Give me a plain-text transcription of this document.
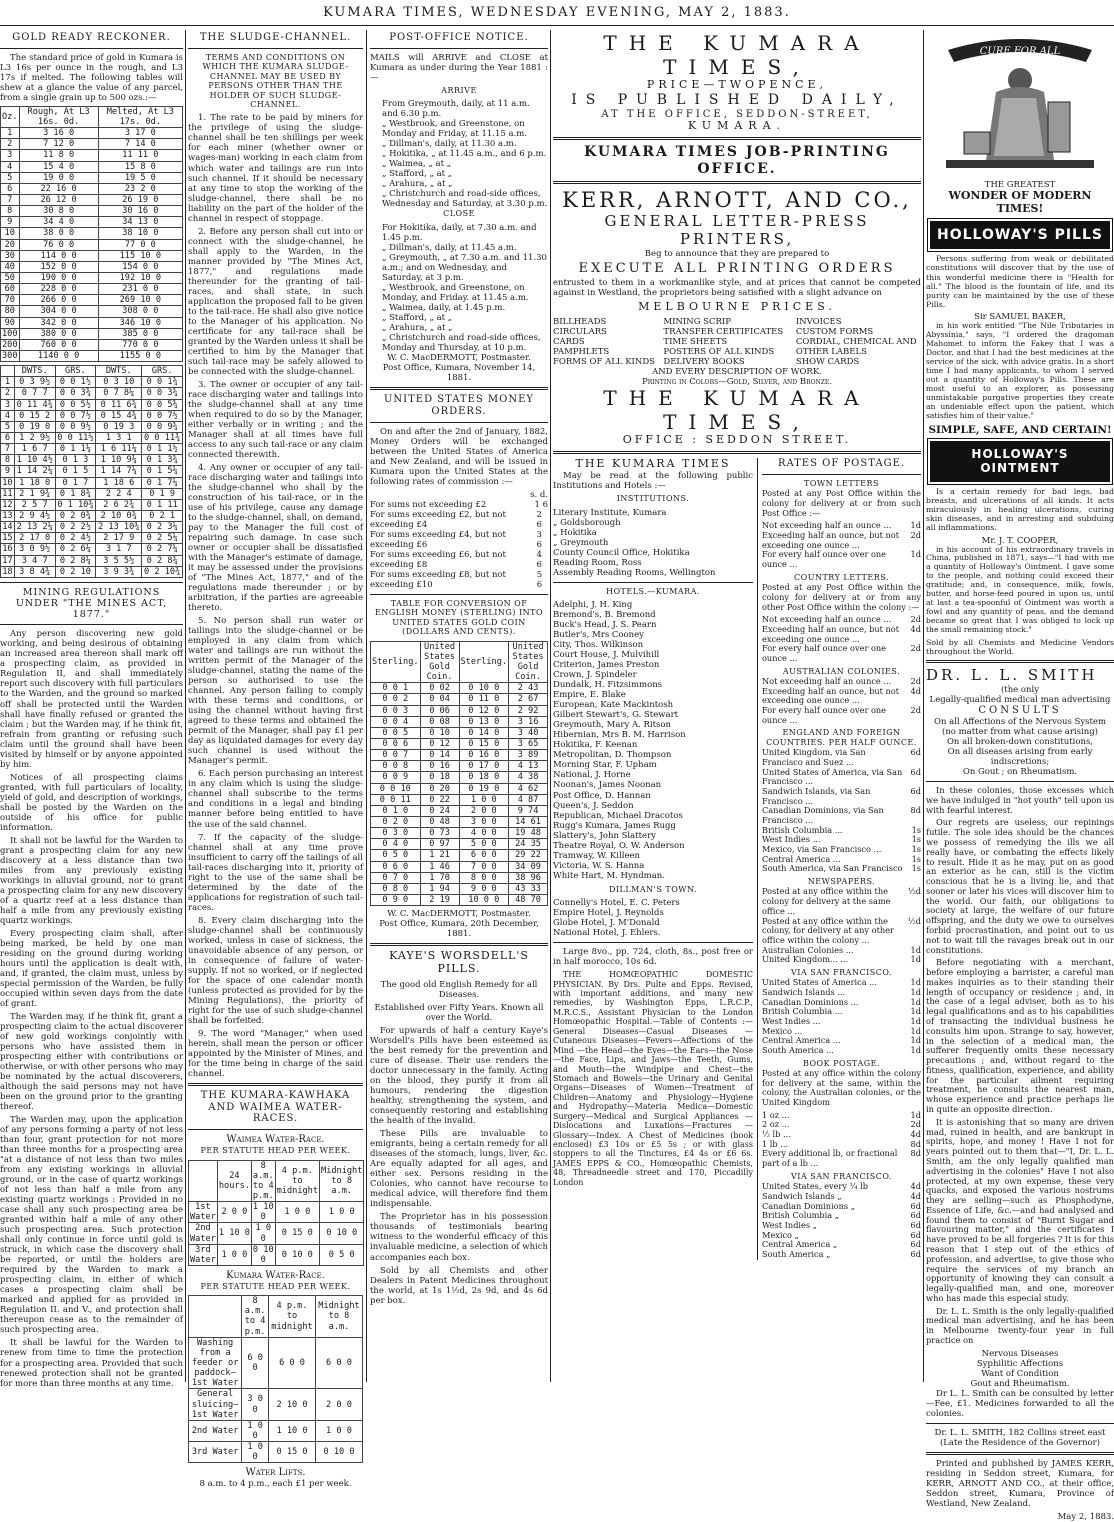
KUMARA TIMES, WEDNESDAY EVENING, MAY 2, 1883.
GOLD READY RECKONER.

The standard price of gold in Kumara is L3 16s per ounce in the rough, and L3 17s if melted. The following tables will shew at a glance the value of any parcel, from a single grain up to 500 ozs.:—

Oz.	Rough, At L3 16s. 0d.	Melted, At L3 17s. 0d.
1	3 16 0	3 17 0
2	7 12 0	7 14 0
3	11 8 0	11 11 0
4	15 4 0	15 8 0
5	19 0 0	19 5 0
6	22 16 0	23 2 0
7	26 12 0	26 19 0
8	30 8 0	30 16 0
9	34 4 0	34 13 0
10	38 0 0	38 10 0
20	76 0 0	77 0 0
30	114 0 0	115 10 0
40	152 0 0	154 0 0
50	190 0 0	192 10 0
60	228 0 0	231 0 0
70	266 0 0	269 10 0
80	304 0 0	308 0 0
90	342 0 0	346 10 0
100	380 0 0	385 0 0
200	760 0 0	770 0 0
300	1140 0 0	1155 0 0
	DWTS.	GRS.	DWTS.	GRS.
1	0 3 9½	0 0 1½	0 3 10	0 0 1¾
2	0 7 7	0 0 3¾	0 7 8¼	0 0 3¾
3	0 11 4¾	0 0 5½	0 11 6¾	0 0 5¾
4	0 15 2	0 0 7½	0 15 4¾	0 0 7½
5	0 19 0	0 0 9½	0 19 3	0 0 9¾
6	1 2 9½	0 0 11½	1 3 1	0 0 11¾
7	1 6 7	0 1 1¼	1 6 11¼	0 1 1½
8	1 10 4½	0 1 3	1 10 9¼	0 1 3¾
9	1 14 2¼	0 1 5	1 14 7¼	0 1 5¼
10	1 18 0	0 1 7	1 18 6	0 1 7¼
11	2 1 9¾	0 1 8¾	2 2 4	0 1 9
12	2 5 7	0 1 10¾	2 6 2¾	0 1 11
13	2 9 4½	0 2 0¾	2 10 0¾	0 2 1
14	2 13 2¼	0 2 2½	2 13 10¾	0 2 3¼
15	2 17 0	0 2 4½	2 17 9	0 2 5¼
16	3 0 9½	0 2 6¼	3 1 7	0 2 7¼
17	3 4 7	0 2 8¼	3 5 5½	0 2 8¾
18	3 8 4¾	0 2 10	3 9 3¾	0 2 10¾
MINING REGULATIONS UNDER "THE MINES ACT, 1877."

Any person discovering new gold working, and being desirous of obtaining an increased area thereon shall mark off a prospecting claim, as provided in Regulation II, and shall immediately report such discovery with full particulars to the Warden, and the ground so marked off shall be protected until the Warden shall have finally refused or granted the claim ; but the Warden may, if he think fit, refrain from granting or refusing such claim until the ground shall have been visited by himself or by anyone appointed by him.

Notices of all prospecting claims granted, with full particulars of locality, yield of gold, and description of workings, shall be posted by the Warden on the outside of his office for public information.

It shall not be lawful for the Warden to grant a prospecting claim for any new discovery at a less distance than two miles from any previously existing workings in alluvial ground, nor to grant a prospecting claim for any new discovery of a quartz reef at a less distance than half a mile from any previously existing quartz workings.

Every prospecting claim shall, after being marked, be held by one man residing on the ground during working hours until the application is dealt with, and, if granted, the claim must, unless by special permission of the Warden, be fully occupied within seven days from the date of grant.

The Warden may, if he think fit, grant a prospecting claim to the actual discoverer of new gold workings conjointly with persons who have assisted them in prospecting either with contributions or otherwise, or with other persons who may be nominated by the actual discoverers, although the said persons may not have been on the ground prior to the granting thereof.

The Warden may, upon the application of any persons forming a party of not less than four, grant protection for not more than three months for a prospecting area "at a distance of not less than two miles from any existing workings in alluvial ground, or in the case of quartz workings of not less than half a mile from any existing quartz workings : Provided in no case shall any such prospecting area be granted within half a mile of any other such prospecting area. Such protection shall only continue in force until gold is struck, in which case the discovery shall be reported, or until the holders are required by the Warden to mark a prospecting claim, in either of which cases a prospecting claim shall be marked and applied for as provided in Regulation II. and V., and protection shall thereupon cease as to the remainder of such prospecting area.

It shall be lawful for the Warden to renew from time to time the protection for a prospecting area. Provided that such renewed protection shall not be granted for more than three months at any time.

THE SLUDGE-CHANNEL.
TERMS AND CONDITIONS ON WHICH THE KUMARA SLUDGE-CHANNEL MAY BE USED BY PERSONS OTHER THAN THE HOLDER OF SUCH SLUDGE-CHANNEL.

1. The rate to be paid by miners for the privilege of using the sludge-channel shall be ten shillings per week for each miner (whether owner or wages-man) working in each claim from which water and tailings are run into such channel. If it should be necessary at any time to stop the working of the sludge-channel, there shall be no liability on the part of the holder of the channel in respect of stoppage.

2. Before any person shall cut into or connect with the sludge-channel, he shall apply to the Warden, in the manner provided by "The Mines Act, 1877," and regulations made thereunder for the granting of tail-races, and shall state, in such application the proposed fall to be given to the tail-race. He shall also give notice to the Manager of his application. No certificate for any tail-race shall be granted by the Warden unless it shall be certified to him by the Manager that such tail-race may be safely allowed to be connected with the sludge-channel.

3. The owner or occupier of any tail-race discharging water and tailings into the sludge-channel shall at any time when required to do so by the Manager, either verbally or in writing ; and the Manager shall at all times have full access to any such tail-race or any claim connected therewith.

4. Any owner or occupier of any tail-race discharging water and tailings into the sludge-channel who shall by the construction of his tail-race, or in the use of his privilege, cause any damage to the sludge-channel, shall, on demand, pay to the Manager the full cost of repairing such damage. In case such owner or occupier shall be dissatisfied with the Manager's estimate of damage, it may be assessed under the provisions of "The Mines Act, 1877," and of the regulations made thereunder ; or by arbitration, if the parties are agreeable thereto.

5. No person shall run water or tailings into the sludge-channel or be employed in any claim from which water and tailings are run without the written permit of the Manager of the sludge-channel, stating the name of the person so authorised to use the channel. Any person failing to comply with these terms and conditions, or using the channel without having first agreed to these terms and obtained the permit of the Manager, shall pay £1 per day as liquidated damages for every day such channel is used without the Manager's permit.

6. Each person purchasing an interest in any claim which is using the sludge-channel shall subscribe to the terms and conditions in a legal and binding manner before being entitled to have the use of the said channel.

7. If the capacity of the sludge-channel shall at any time prove insufficient to carry off the tailings of all tail-races discharging into it, priority of right to the use of the same shall be determined by the date of the applications for registration of such tail-races.

8. Every claim discharging into the sludge-channel shall be continuously worked, unless in case of sickness, the unavoidable absence of any person, or in consequence of failure of water-supply. If not so worked, or if neglected for the space of one calendar month (unless protected as provided for by the Mining Regulations), the priority of right for the use of such sludge-channel shall be forfeited.

9. The word "Manager," when used herein, shall mean the person or officer appointed by the Minister of Mines, and for the time being in charge of the said channel.

THE KUMARA-KAWHAKA AND WAIMEA WATER-RACES.
Waimea Water-Race.
PER STATUTE HEAD PER WEEK.
	24 hours.	8 a.m. to 4 p.m.	4 p.m. to midnight	Midnight to 8 a.m.
1st Water	2 0 0	1 10 0	1 0 0	1 0 0
2nd Water	1 10 0	1 0 0	0 15 0	0 10 0
3rd Water	1 0 0	0 10 0	0 10 0	0 5 0
Kumara Water-Race.
PER STATUTE HEAD PER WEEK.
	8 a.m. to 4 p.m.	4 p.m. to midnight	Midnight to 8 a.m.
Washing from a feeder or paddock—1st Water	6 0 0	6 0 0	6 0 0
General sluicing—1st Water	3 0 0	2 10 0	2 0 0
2nd Water	1 0 0	1 10 0	1 0 0
3rd Water	1 0 0	0 15 0	0 10 0
Water Lifts.
8 a.m. to 4 p.m., each £1 per week.
POST-OFFICE NOTICE.

MAILS will ARRIVE and CLOSE at Kumara as under during the Year 1881 :—

ARRIVE
From Greymouth, daily, at 11 a.m. and 6.30 p.m.
„ Westbrook, and Greenstone, on Monday and Friday, at 11.15 a.m.
„ Dillman's, daily, at 11.30 a.m.
„ Hokitika, „ at 11.45 a.m., and 6 p.m.
„ Waimea, „ at „
„ Stafford, „ at „
„ Arahura, „ at „
„ Christchurch and road-side offices, Wednesday and Saturday, at 3.30 p.m.
CLOSE
For Hokitika, daily, at 7.30 a.m. and 1.45 p.m.
„ Dillman's, daily, at 11.45 a.m.
„ Greymouth, „ at 7.30 a.m. and 11.30 a.m.; and on Wednesday, and Saturday, at 3 p.m.
„ Westbrook, and Greenstone, on Monday, and Friday. at 11.45 a.m.
„ Waimea, daily, at 1.45 p.m.
„ Stafford, „ at „
„ Arahura, „ at „
„ Christchurch and road-side offices, Monday and Thursday, at 10 p.m.
W. C. MacDERMOTT, Postmaster.
Post Office, Kumara, November 14, 1881.
UNITED STATES MONEY ORDERS.

On and after the 2nd of January, 1882, Money Orders will be exchanged between the United States of America and New Zealand, and will be issued in Kumara upon the United States at the following rates of commission :—

s. d.
For sums not exceeding £2	1 6
For sums exceeding £2, but not exceeding £4
2 6
For sums exceeding £4, but not exceeding £6
3 6
For sums exceeding £6, but not exceeding £8
4 6
For sums exceeding £8, but not exceeding £10
5 6
TABLE FOR CONVERSION OF ENGLISH MONEY (STERLING) INTO UNITED STATES GOLD COIN (DOLLARS AND CENTS).
Sterling.	United States Gold Coin.	Sterling.	United States Gold Coin.
0 0 1	0 02	0 10 0	2 43
0 0 2	0 04	0 11 0	2 67
0 0 3	0 06	0 12 0	2 92
0 0 4	0 08	0 13 0	3 16
0 0 5	0 10	0 14 0	3 40
0 0 6	0 12	0 15 0	3 65
0 0 7	0 14	0 16 0	3 89
0 0 8	0 16	0 17 0	4 13
0 0 9	0 18	0 18 0	4 38
0 0 10	0 20	0 19 0	4 62
0 0 11	0 22	1 0 0	4 87
0 1 0	0 24	2 0 0	9 74
0 2 0	0 48	3 0 0	14 61
0 3 0	0 73	4 0 0	19 48
0 4 0	0 97	5 0 0	24 35
0 5 0	1 21	6 0 0	29 22
0 6 0	1 46	7 0 0	34 09
0 7 0	1 70	8 0 0	38 96
0 8 0	1 94	9 0 0	43 33
0 9 0	2 19	10 0 0	48 70
W. C. MacDERMOTT, Postmaster.
Post Office, Kumara, 20th December, 1881.
KAYE'S WORSDELL'S PILLS.
The good old English Remedy for all Diseases.
Established over Fifty Years. Known all over the World.

For upwards of half a century Kaye's Worsdell's Pills have been esteemed as the best remedy for the prevention and cure of disease. Their use renders the doctor unnecessary in the family. Acting on the blood, they purify it from all humours, rendering the digestion healthy, strengthening the system, and consequently restoring and establishing the health of the invalid.

These Pills are invaluable to emigrants, being a certain remedy for all diseases of the stomach, lungs, liver, &c. Are equally adapted for all ages, and either sex. Persons residing in the Colonies, who cannot have recourse to medical advice, will therefore find them indispensable.

The Proprietor has in his possession thousands of testimonials bearing witness to the wonderful efficacy of this invaluable medicine, a selection of which accompanies each box.

Sold by all Chemists and other Dealers in Patent Medicines throughout the world, at 1s 1½d, 2s 9d, and 4s 6d per box.

THE KUMARA TIMES,
PRICE—TWOPENCE,
IS PUBLISHED DAILY,
AT THE OFFICE, SEDDON-STREET,
KUMARA.
KUMARA TIMES JOB-PRINTING OFFICE.
KERR, ARNOTT, AND CO.,
GENERAL LETTER-PRESS PRINTERS,
Beg to announce that they are prepared to
EXECUTE ALL PRINTING ORDERS

entrusted to them in a workmanlike style, and at prices that cannot be competed against in Westland, the proprietors being satisfied with a slight advance on

MELBOURNE PRICES.
BILLHEADS
CIRCULARS
CARDS
PAMPHLETS
FORMS OF ALL KINDS
MINING SCRIP
TRANSFER CERTIFICATES
TIME SHEETS
POSTERS OF ALL KINDS
DELIVERY BOOKS
INVOICES
CUSTOM FORMS
CORDIAL, CHEMICAL AND OTHER LABELS
SHOW CARDS
AND EVERY DESCRIPTION OF WORK.
Printing in Colors—Gold, Silver, and Bronze.
THE KUMARA TIMES,
OFFICE : SEDDON STREET.
THE KUMARA TIMES

May be read at the following public Institutions and Hotels :—

INSTITUTIONS.
Literary Institute, Kumara
„ Goldsborough
„ Hokitika
„ Greymouth
County Council Office, Hokitika
Reading Room, Ross
Assembly Reading Rooms, Wellington
HOTELS.—KUMARA.
Adelphi, J. H. King
Bremond's, B. Bremond
Buck's Head, J. S. Pearn
Butler's, Mrs Cooney
City, Thos. Wilkinson
Court House, J. Mulvihill
Criterion, James Preston
Crown, J. Spindeler
Dundalk, H. Fitzsimmons
Empire, E. Blake
European, Kate Mackintosh
Gilbert Stewart's, G. Stewart
Greymouth, Mary A. Ritson
Hibernian, Mrs B. M. Harrison
Hokitika, F. Keenan
Metropolitan, D. Thompson
Morning Star, F. Upham
National, J. Horne
Noonan's, James Noonan
Post Office, D. Hannan
Queen's, J. Seddon
Republican, Michael Dracotos
Rugg's Kumara, James Rugg
Slattery's, John Slattery
Theatre Royal, O. W. Anderson
Tramway, W. Killeen
Victoria, W. S. Hanna
White Hart, M. Hyndman.
DILLMAN'S TOWN.
Connelly's Hotel, E. C. Peters
Empire Hotel, J. Reynolds
Globe Hotel, J. M'Donald
National Hotel, J. Ehlers.

Large 8vo., pp. 724, cloth, 8s., post free or in half morocco, 10s 6d.

THE HOMŒOPATHIC DOMESTIC PHYSICIAN. By Drs. Pulte and Epps. Revised, with important additions, and many new remedies, by Washington Epps, L.R.C.P., M.R.C.S., Assistant Physician to the London Homœopathic Hospital.—Table of Contents :—General Diseases—Casual Diseases — Cutaneous Diseases—Fevers—Affections of the Mind —the Head—the Eyes—the Ears—the Nose—the Face, Lips, and Jaws—the Teeth, Gums, and Mouth—the Windpipe and Chest—the Stomach and Bowels—the Urinary and Genital Organs—Diseases of Women—Treatment of Children—Anatomy and Physiology—Hygiene and Hydropathy—Materia Medica—Domestic Surgery—Medical and Surgical Appliances —Dislocations and Luxations—Fractures —Glossary—Index. A Chest of Medicines (book enclosed) £3 10s or £5 5s ; or with glass stoppers to all the Tinctures, £4 4s or £6 6s. JAMES EPPS & CO., Homœopathic Chemists, 48, Threadneedle street and 170, Piccadilly London

RATES OF POSTAGE.
TOWN LETTERS

Posted at any Post Office within the colony for delivery at or from such Post Office :—

Not exceeding half an ounce ...	1d
Exceeding half an ounce, but not exceeding one ounce ...
2d
For every half ounce over one ounce ...
1d
COUNTRY LETTERS.

Posted at any Post Office within the colony for delivery at or from any other Post Office within the colony :—

Not exceeding half an ounce ...	2d
Exceeding half an ounce, but not exceeding one ounce ...
4d
For every half ounce over one ounce ...
2d
AUSTRALIAN COLONIES.
Not exceeding half an ounce ...	2d
Exceeding half an ounce, but not exceeding one ounce ...
4d
For every half ounce over one ounce ...
2d
ENGLAND AND FOREIGN COUNTRIES. PER HALF OUNCE.
United Kingdom, via San Francisco and Suez ...
6d
United States of America, via San Francisco ...
6d
Sandwich Islands, via San Francisco ...
6d
Canadian Dominions, via San Francisco ...
8d
British Columbia ...	1s
West Indies ...	1s
Mexico, via San Francisco ...	1s
Central America ...	1s
South America, via San Francisco	1s
NEWSPAPERS.
Posted at any office within the colony for delivery at the same office ...
½d
Posted at any office within the colony, for delivery at any other office within the colony ...
½d
Australian Colonies ...	1d
United Kingdom... ...	1d
VIA SAN FRANCISCO.
United States of America ...	1d
Sandwich Islands ...	1d
Canadian Dominions ...	1d
British Columbia ...	1d
West Indies ...	1d
Mexico ...	1d
Central America ...	1d
South America ...	1d
BOOK POSTAGE.

Posted at any office within the colony for delivery at the same, within the colony, the Australian colonies, or the United Kingdom

1 oz ...	1d
2 oz ...	2d
½ lb ...	4d
1 lb ...	8d
Every additional lb, or fractional part of a lb ...
8d
VIA SAN FRANCISCO.
United States, every ¼ lb	4d
Sandwich Islands „	4d
Canadian Dominions „	6d
British Columbia „	6d
West Indies „	6d
Mexico „	6d
Central America „	6d
South America „	6d
CURE FOR ALL
THE GREATEST
WONDER OF MODERN TIMES!
HOLLOWAY'S PILLS

Persons suffering from weak or debilitated constitutions will discover that by the use of this wonderful medicine there is "Health for all." The blood is the fountain of life, and its purity can be maintained by the use of these Pills.

Sir SAMUEL BAKER,

in his work entitled "The Nile Tributaries in Abyssinia," says, "I ordered the dragoman Mahomet to inform the Fakey that I was a Doctor, and that I had the best medicines at the service of the sick, with advice gratis. In a short time I had many applicants, to whom I served out a quantity of Holloway's Pills. These are most useful to an explorer, as possessing unmistakable purgative properties they create an undeniable effect upon the patient, which satisfies him of their value."

SIMPLE, SAFE, AND CERTAIN!
HOLLOWAY'S OINTMENT

Is a certain remedy for bad legs, bad breasts, and ulcerations of all kinds. It acts miraculously in healing ulcerations, curing skin diseases, and in arresting and subduing all inflammations.

Mr. J. T. COOPER,

in his account of his extraordinary travels in China, published in 1871, says—"I had with me a quantity of Holloway's Ointment. I gave some to the people, and nothing could exceed their gratitude; and, in consequence, milk, fowls, butter, and horse-feed poured in upon us, until at last a tea-spoonful of Ointment was worth a fowl and any quantity of peas, and the demand became so great that I was obliged to lock up the small remaining stock."

Sold by all Chemists and Medicine Vendors throughout the World.

DR. L. L. SMITH
(the only
Legally-qualified medical man advertising
CONSULTS
On all Affections of the Nervous System (no matter from what cause arising)
On all broken-down constitutions,
On all diseases arising from early indiscretions;
On Gout ; on Rheumatism.

In these colonies, those excesses which we have indulged in "hot youth" tell upon us with fearful interest.

Our regrets are useless, our repinings futile. The sole idea should be the chances we possess of remedying the ills we all really have, or combating the effects likely to result. Hide it as he may, put on as good an exterior as he can, still is the victim conscious that he is a living lie, and that sooner or later his vices will discover him to the world. Our faith, our obligations to society at large, the welfare of our future offspring, and the duty we owe to ourselves forbid procrastination, and point out to us not to wait till the ravages break out in our constitutions.

Before negotiating with a merchant, before employing a barrister, a careful man makes inquiries as to their standing their length of occupancy or residence ; and, in the case of a legal adviser, both as to his legal qualifications and as to his capabilities of transacting the individual business he consults him upon. Strange to say, however, in the selection of a medical man, the sufferer frequently omits these necessary precautions ; and, without regard to the fitness, qualification, experience, and ability for the particular ailment requiring treatment, he consults the nearest man, whose experience and practice perhaps lie in quite an opposite direction.

It is astonishing that so many are driven mad, ruined in health, and are bankrupt in spirits, hope, and money ! Have I not for years pointed out to them that—"I, Dr. L. L. Smith, am the only legally qualified man advertising in the colonies" Have I not also protected, at my own expense, these very quacks, and exposed the various nostrums they are selling—such as Phosphodyne, Essence of Life, &c.—and had analysed and found them to consist of "Burnt Sugar and flavouring matter," and the certificates I have proved to be all forgeries ? It is for this reason that I step out of the ethics of profession, and advertise, to give those who require the services of my branch an opportunity of knowing they can consult a legally-qualified man, and one, moreover who has made this especial study.

Dr. L. L. Smith is the only legally-qualified medical man advertising, and he has been in Melbourne twenty-four year in full practice on

Nervous Diseases
Syphilitic Affections
Want of Condition
Gout and Rheumatism.

Dr L. L. Smith can be consulted by letter—Fee, £1. Medicines forwarded to all the colonies.

Dr. L. L. SMITH, 182 Collins street east (Late the Residence of the Governor)

Printed and published by JAMES KERR, residing in Seddon street, Kumara, for KERR, ARNOTT AND CO., at their office, Seddon street, Kumara, Province of Westland, New Zealand.

May 2, 1883.
